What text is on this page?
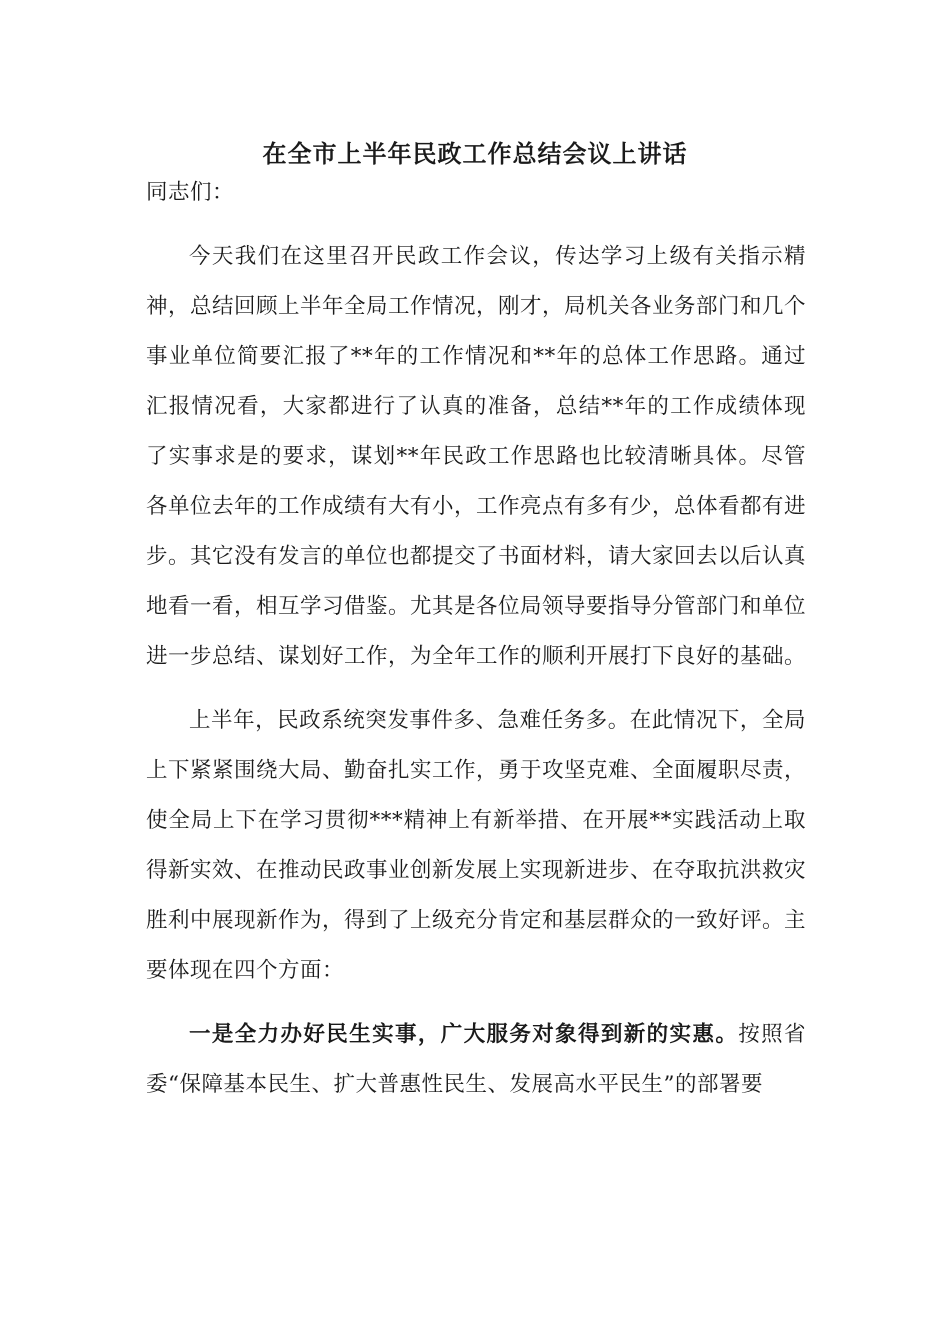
在全市上半年民政工作总结会议上讲话

同志们：

今天我们在这里召开民政工作会议，传达学习上级有关指示精神，总结回顾上半年全局工作情况，刚才，局机关各业务部门和几个事业单位简要汇报了**年的工作情况和**年的总体工作思路。通过汇报情况看，大家都进行了认真的准备，总结**年的工作成绩体现了实事求是的要求，谋划**年民政工作思路也比较清晰具体。尽管各单位去年的工作成绩有大有小，工作亮点有多有少，总体看都有进步。其它没有发言的单位也都提交了书面材料，请大家回去以后认真地看一看，相互学习借鉴。尤其是各位局领导要指导分管部门和单位进一步总结、谋划好工作，为全年工作的顺利开展打下良好的基础。

上半年，民政系统突发事件多、急难任务多。在此情况下，全局上下紧紧围绕大局、勤奋扎实工作，勇于攻坚克难、全面履职尽责，使全局上下在学习贯彻***精神上有新举措、在开展**实践活动上取得新实效、在推动民政事业创新发展上实现新进步、在夺取抗洪救灾胜利中展现新作为，得到了上级充分肯定和基层群众的一致好评。主要体现在四个方面：

一是全力办好民生实事，广大服务对象得到新的实惠。按照省委“保障基本民生、扩大普惠性民生、发展高水平民生”的部署要
